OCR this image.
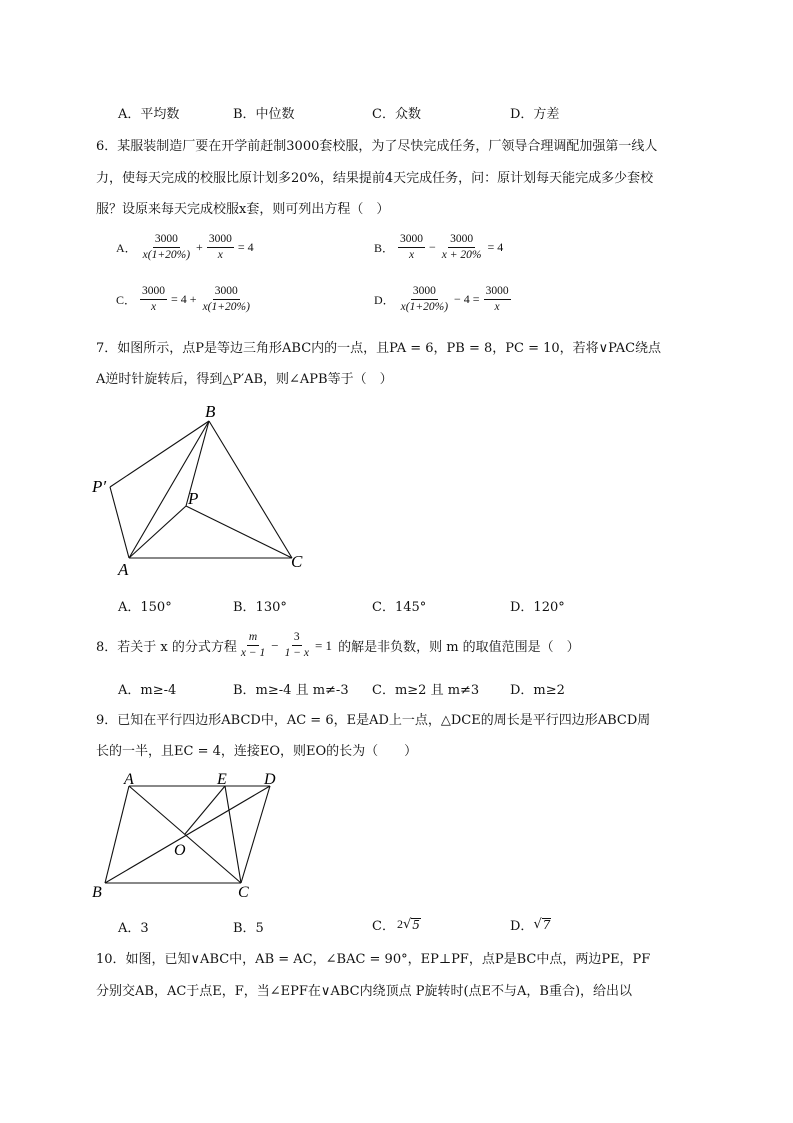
A．平均数	B．中位数	C．众数	D．方差
6．某服装制造厂要在开学前赶制3000套校服，为了尽快完成任务，厂领导合理调配加强第一线人
力，使每天完成的校服比原计划多20%，结果提前4天完成任务，问：原计划每天能完成多少套校
服？设原来每天完成校服x套，则可列出方程（　）
A． $\frac{3000}{x(1+20\%)} + \frac{3000}{x} = 4$	B． $\frac{3000}{x} - \frac{3000}{x + 20\%} = 4$
C． $\frac{3000}{x} = 4 + \frac{3000}{x(1+20\%)}$	D． $\frac{3000}{x(1+20\%)} - 4 = \frac{3000}{x}$
7．如图所示，点P是等边三角形ABC内的一点，且PA = 6，PB = 8，PC = 10，若将∨PAC绕点
A逆时针旋转后，得到△P′AB，则∠APB等于（　）
B
P′
P
A	C
A．150°	B．130°	C．145°	D．120°
8．若关于 x 的分式方程 $\frac{m}{x - 1} - \frac{3}{1 - x} = 1$ 的解是非负数，则 m 的取值范围是（　）
A．m≥-4	B．m≥-4 且 m≠-3 C．m≥2 且 m≠3 D．m≥2
9．已知在平行四边形ABCD中，AC = 6，E是AD上一点，△DCE的周长是平行四边形ABCD周
长的一半，且EC = 4，连接EO，则EO的长为（　　）
A	E D
O
B	C
A．3	B．5	C． 2 √ 5	D． √ 7
10．如图，已知∨ABC中，AB = AC，∠BAC = 90°，EP⊥PF，点P是BC中点，两边PE，PF
分别交AB，AC于点E，F，当∠EPF在∨ABC内绕顶点 P旋转时(点E不与A，B重合)，给出以
